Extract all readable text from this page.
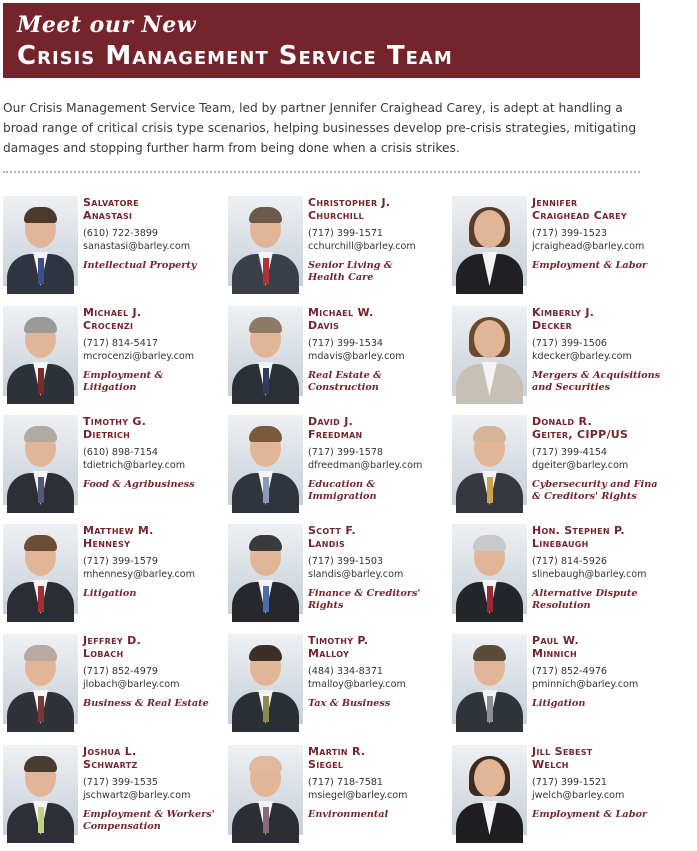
Meet our New
Crisis Management Service Team
Our Crisis Management Service Team, led by partner Jennifer Craighead Carey, is adept at handling a broad range of critical crisis type scenarios, helping businesses develop pre-crisis strategies, mitigating damages and stopping further harm from being done when a crisis strikes.
Salvatore
Anastasi
(610) 722-3899
sanastasi@barley.com
Intellectual Property
Christopher J.
Churchill
(717) 399-1571
cchurchill@barley.com
Senior Living &
Health Care
Jennifer
Craighead Carey
(717) 399-1523
jcraighead@barley.com
Employment & Labor
Michael J.
Crocenzi
(717) 814-5417
mcrocenzi@barley.com
Employment &
Litigation
Michael W.
Davis
(717) 399-1534
mdavis@barley.com
Real Estate &
Construction
Kimberly J.
Decker
(717) 399-1506
kdecker@barley.com
Mergers & Acquisitions
and Securities
Timothy G.
Dietrich
(610) 898-7154
tdietrich@barley.com
Food & Agribusiness
David J.
Freedman
(717) 399-1578
dfreedman@barley.com
Education &
Immigration
Donald R.
Geiter, CIPP/US
(717) 399-4154
dgeiter@barley.com
Cybersecurity and Fina
& Creditors' Rights
Matthew M.
Hennesy
(717) 399-1579
mhennesy@barley.com
Litigation
Scott F.
Landis
(717) 399-1503
slandis@barley.com
Finance & Creditors'
Rights
Hon. Stephen P.
Linebaugh
(717) 814-5926
slinebaugh@barley.com
Alternative Dispute
Resolution
Jeffrey D.
Lobach
(717) 852-4979
jlobach@barley.com
Business & Real Estate
Timothy P.
Malloy
(484) 334-8371
tmalloy@barley.com
Tax & Business
Paul W.
Minnich
(717) 852-4976
pminnich@barley.com
Litigation
Joshua L.
Schwartz
(717) 399-1535
jschwartz@barley.com
Employment & Workers'
Compensation
Martin R.
Siegel
(717) 718-7581
msiegel@barley.com
Environmental
Jill Sebest
Welch
(717) 399-1521
jwelch@barley.com
Employment & Labor
